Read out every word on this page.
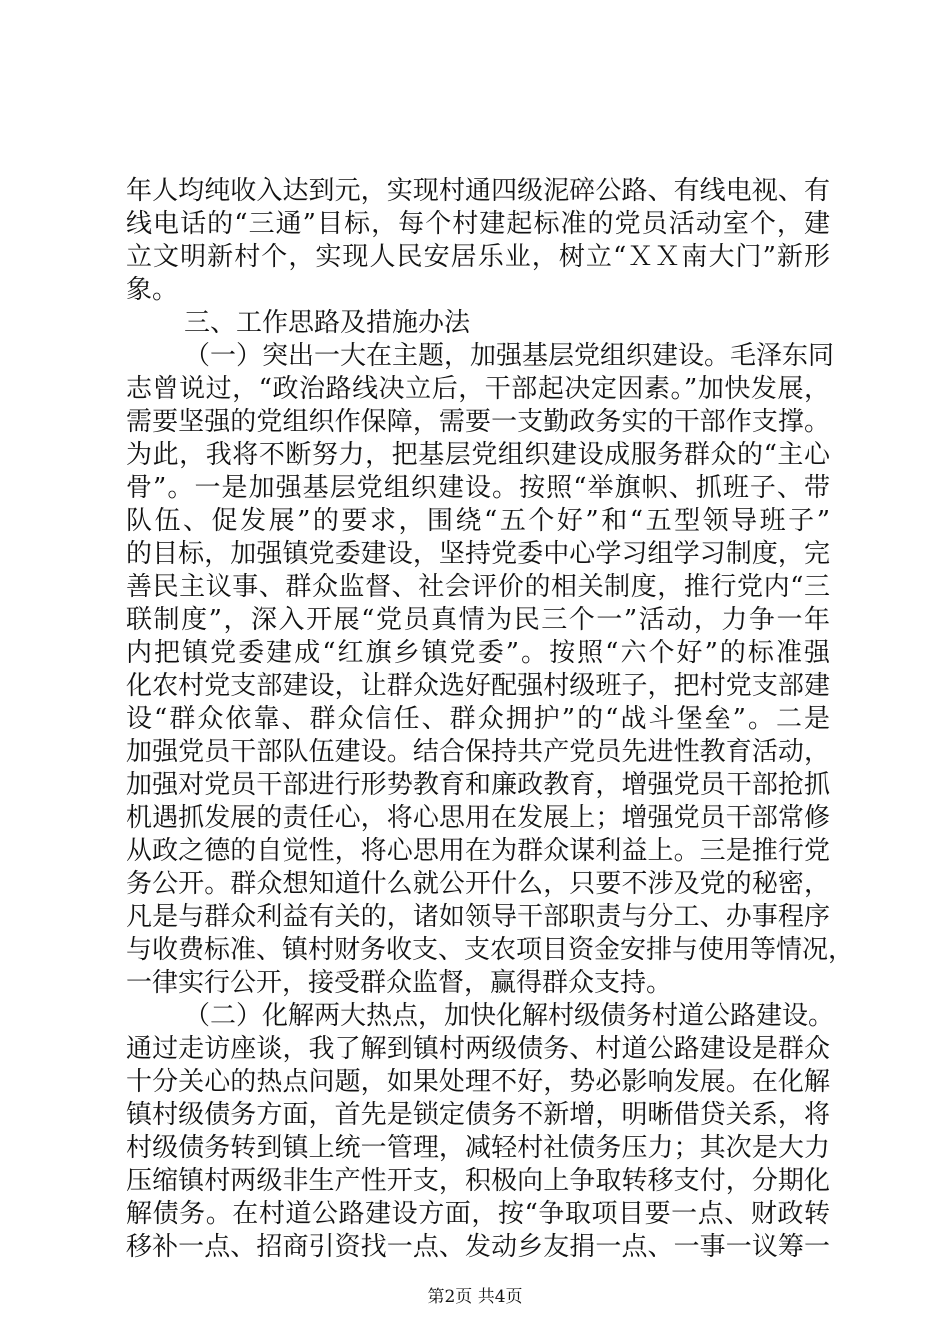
年人均纯收入达到元，实现村通四级泥碎公路、有线电视、有
线电话的“三通”目标，每个村建起标准的党员活动室个，建
立文明新村个，实现人民安居乐业，树立“ＸＸ南大门”新形
象。
三、工作思路及措施办法
（一）突出一大在主题，加强基层党组织建设。毛泽东同
志曾说过，“政治路线决立后，干部起决定因素。”加快发展，
需要坚强的党组织作保障，需要一支勤政务实的干部作支撑。
为此，我将不断努力，把基层党组织建设成服务群众的“主心
骨”。一是加强基层党组织建设。按照“举旗帜、抓班子、带
队伍、促发展”的要求，围绕“五个好”和“五型领导班子”
的目标，加强镇党委建设，坚持党委中心学习组学习制度，完
善民主议事、群众监督、社会评价的相关制度，推行党内“三
联制度”，深入开展“党员真情为民三个一”活动，力争一年
内把镇党委建成“红旗乡镇党委”。按照“六个好”的标准强
化农村党支部建设，让群众选好配强村级班子，把村党支部建
设“群众依靠、群众信任、群众拥护”的“战斗堡垒”。二是
加强党员干部队伍建设。结合保持共产党员先进性教育活动，
加强对党员干部进行形势教育和廉政教育，增强党员干部抢抓
机遇抓发展的责任心，将心思用在发展上；增强党员干部常修
从政之德的自觉性，将心思用在为群众谋利益上。三是推行党
务公开。群众想知道什么就公开什么，只要不涉及党的秘密，
凡是与群众利益有关的，诸如领导干部职责与分工、办事程序
与收费标准、镇村财务收支、支农项目资金安排与使用等情况，
一律实行公开，接受群众监督，赢得群众支持。
（二）化解两大热点，加快化解村级债务村道公路建设。
通过走访座谈，我了解到镇村两级债务、村道公路建设是群众
十分关心的热点问题，如果处理不好，势必影响发展。在化解
镇村级债务方面，首先是锁定债务不新增，明晰借贷关系，将
村级债务转到镇上统一管理，减轻村社债务压力；其次是大力
压缩镇村两级非生产性开支，积极向上争取转移支付，分期化
解债务。在村道公路建设方面，按“争取项目要一点、财政转
移补一点、招商引资找一点、发动乡友捐一点、一事一议筹一
第2页 共4页
